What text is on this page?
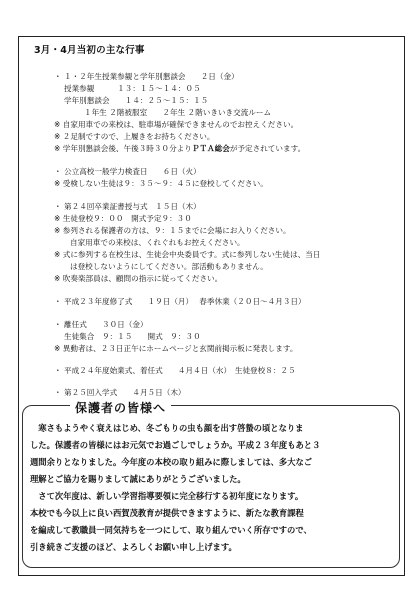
3月・4月当初の主な行事
・ １・２年生授業参観と学年別懇談会　　２日（金）
授業参観　　　１３：１５～１４：０５
学年別懇談会　　１４：２５～１５：１５
１年生 ２階被服室　　２年生 ２階いきいき交流ルーム
※ 自家用車での来校は、駐車場が確保できませんのでお控えください。
※ ２足制ですので、上履きをお持ちください。
※ 学年別懇談会後、午後３時３０分よりＰＴＡ総会が予定されています。
・ 公立高校一般学力検査日　　６日（火）
※ 受検しない生徒は９：３５～９：４５に登校してください。
・ 第２４回卒業証書授与式　１５日（木）
※ 生徒登校９：００　開式予定９：３０
※ 参列される保護者の方は、９：１５までに会場にお入りください。
自家用車での来校は、くれぐれもお控えください。
※ 式に参列する在校生は、生徒会中央委員です。式に参列しない生徒は、当日
は登校しないようにしてください。部活動もありません。
※ 吹奏楽部員は、顧問の指示に従ってください。
・ 平成２３年度修了式　　１９日（月）　 春季休業（２０日～４月３日）
・ 離任式　　３０日（金）
生徒集合　９：１５　　開式　９：３０
※ 異動者は、２３日正午にホームページと玄関前掲示板に発表します。
・ 平成２４年度始業式、着任式　　４月４日（水）　生徒登校８：２５
・ 第２５回入学式　　４月５日（木）
保護者の皆様へ
　寒さもようやく衰えはじめ、冬ごもりの虫も顔を出す啓蟄の頃となりま
した。保護者の皆様にはお元気でお過ごしでしょうか。平成２３年度もあと３
週間余りとなりました。今年度の本校の取り組みに際しましては、多大なご
理解とご協力を賜りまして誠にありがとうございました。
　さて次年度は、新しい学習指導要領に完全移行する初年度になります。
本校でも今以上に良い西賀茂教育が提供できますように、新たな教育課程
を編成して教職員一同気持ちを一つにして、取り組んでいく所存ですので、
引き続きご支援のほど、よろしくお願い申し上げます。
